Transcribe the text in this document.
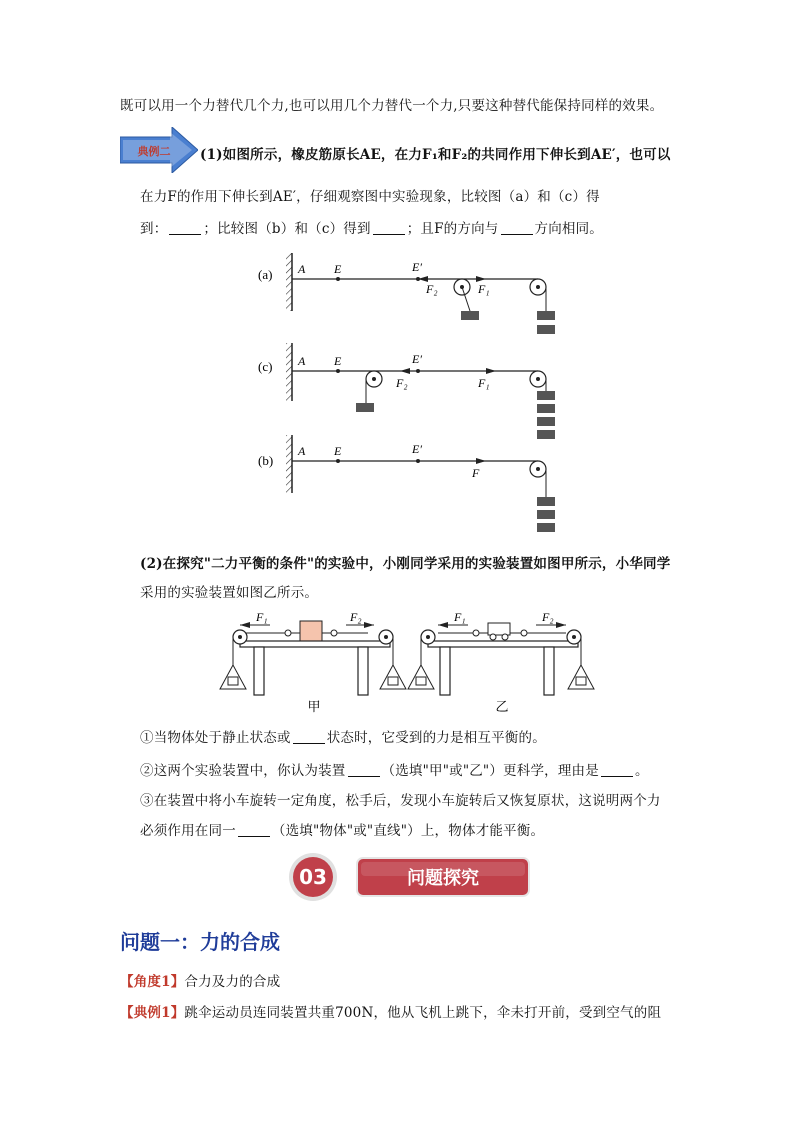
既可以用一个力替代几个力,也可以用几个力替代一个力,只要这种替代能保持同样的效果。
典例二 (1)如图所示，橡皮筋原长AE，在力F₁和F₂的共同作用下伸长到AE′，也可以
在力F的作用下伸长到AE′，仔细观察图中实验现象，比较图（a）和（c）得
到：	；比较图（b）和（c）得到	；且F的方向与	方向相同。
(a) A E	E′
F₂	F₁
(c) A E
F₂
E′
F₁
(b)
A E	E′
F
(2)在探究"二力平衡的条件"的实验中，小刚同学采用的实验装置如图甲所示，小华同学
采用的实验装置如图乙所示。
F₁	F₂
甲
F₁	F₂
乙
①当物体处于静止状态或	状态时，它受到的力是相互平衡的。
②这两个实验装置中，你认为装置	（选填"甲"或"乙"）更科学，理由是	。
③在装置中将小车旋转一定角度，松手后，发现小车旋转后又恢复原状，这说明两个力
必须作用在同一	（选填"物体"或"直线"）上，物体才能平衡。
03	问题探究
问题一：力的合成
【角度1】合力及力的合成
【典例1】跳伞运动员连同装置共重700N，他从飞机上跳下，伞未打开前，受到空气的阻
